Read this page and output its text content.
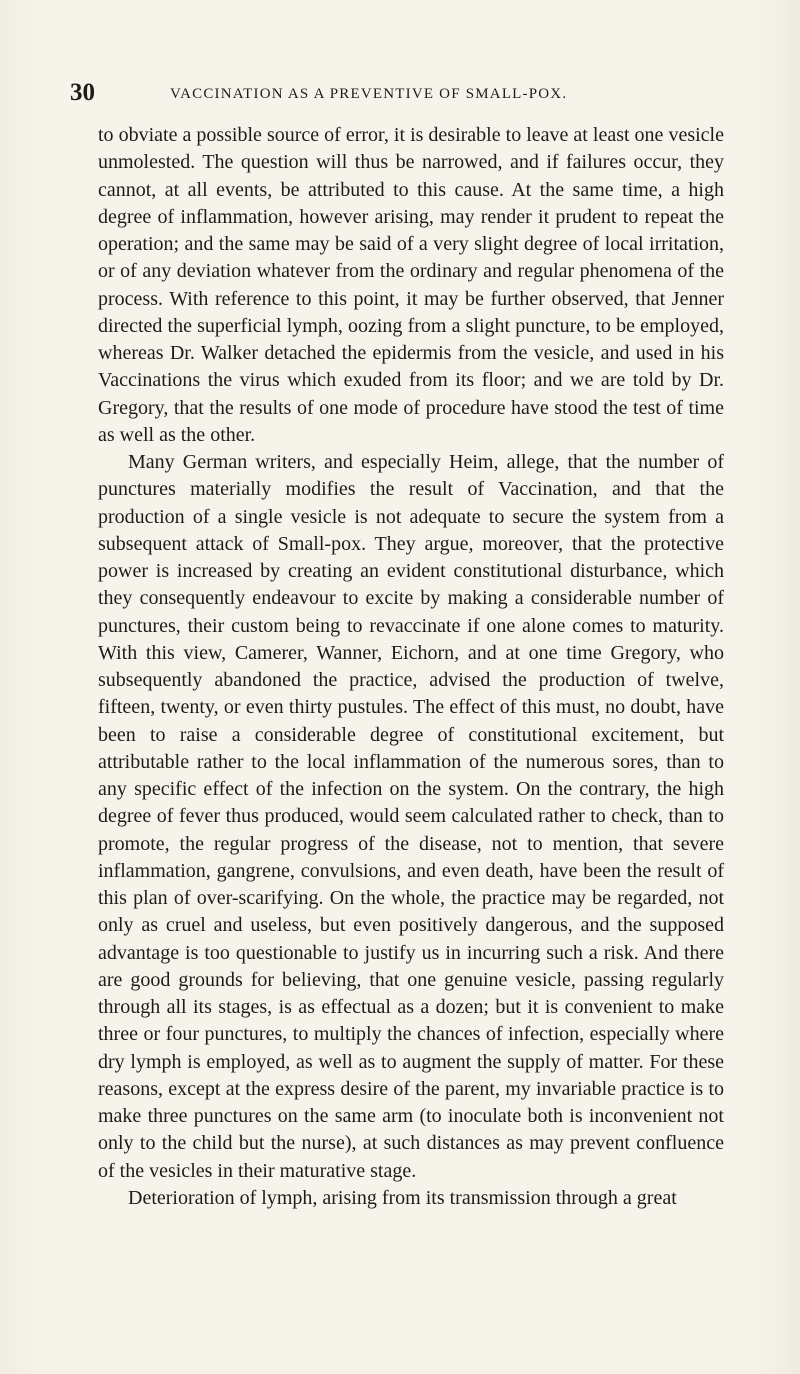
30	VACCINATION AS A PREVENTIVE OF SMALL-POX.

to obviate a possible source of error, it is desirable to leave at least one vesicle unmolested. The question will thus be narrowed, and if failures occur, they cannot, at all events, be attributed to this cause. At the same time, a high degree of inflammation, however arising, may render it prudent to repeat the operation; and the same may be said of a very slight degree of local irritation, or of any deviation whatever from the ordinary and regular phenomena of the process. With reference to this point, it may be further observed, that Jenner directed the superficial lymph, oozing from a slight puncture, to be employed, whereas Dr. Walker detached the epidermis from the vesicle, and used in his Vaccinations the virus which exuded from its floor; and we are told by Dr. Gregory, that the results of one mode of procedure have stood the test of time as well as the other.

Many German writers, and especially Heim, allege, that the number of punctures materially modifies the result of Vaccination, and that the production of a single vesicle is not adequate to secure the system from a subsequent attack of Small-pox. They argue, moreover, that the protective power is increased by creating an evident constitutional disturbance, which they consequently endeavour to excite by making a considerable number of punctures, their custom being to revaccinate if one alone comes to maturity. With this view, Camerer, Wanner, Eichorn, and at one time Gregory, who subsequently abandoned the practice, advised the production of twelve, fifteen, twenty, or even thirty pustules. The effect of this must, no doubt, have been to raise a considerable degree of constitutional excitement, but attributable rather to the local inflammation of the numerous sores, than to any specific effect of the infection on the system. On the contrary, the high degree of fever thus produced, would seem calculated rather to check, than to promote, the regular progress of the disease, not to mention, that severe inflammation, gangrene, convulsions, and even death, have been the result of this plan of over-scarifying. On the whole, the practice may be regarded, not only as cruel and useless, but even positively dangerous, and the supposed advantage is too questionable to justify us in incurring such a risk. And there are good grounds for believing, that one genuine vesicle, passing regularly through all its stages, is as effectual as a dozen; but it is convenient to make three or four punctures, to multiply the chances of infection, especially where dry lymph is employed, as well as to augment the supply of matter. For these reasons, except at the express desire of the parent, my invariable practice is to make three punctures on the same arm (to inoculate both is inconvenient not only to the child but the nurse), at such distances as may prevent confluence of the vesicles in their maturative stage.

Deterioration of lymph, arising from its transmission through a great
